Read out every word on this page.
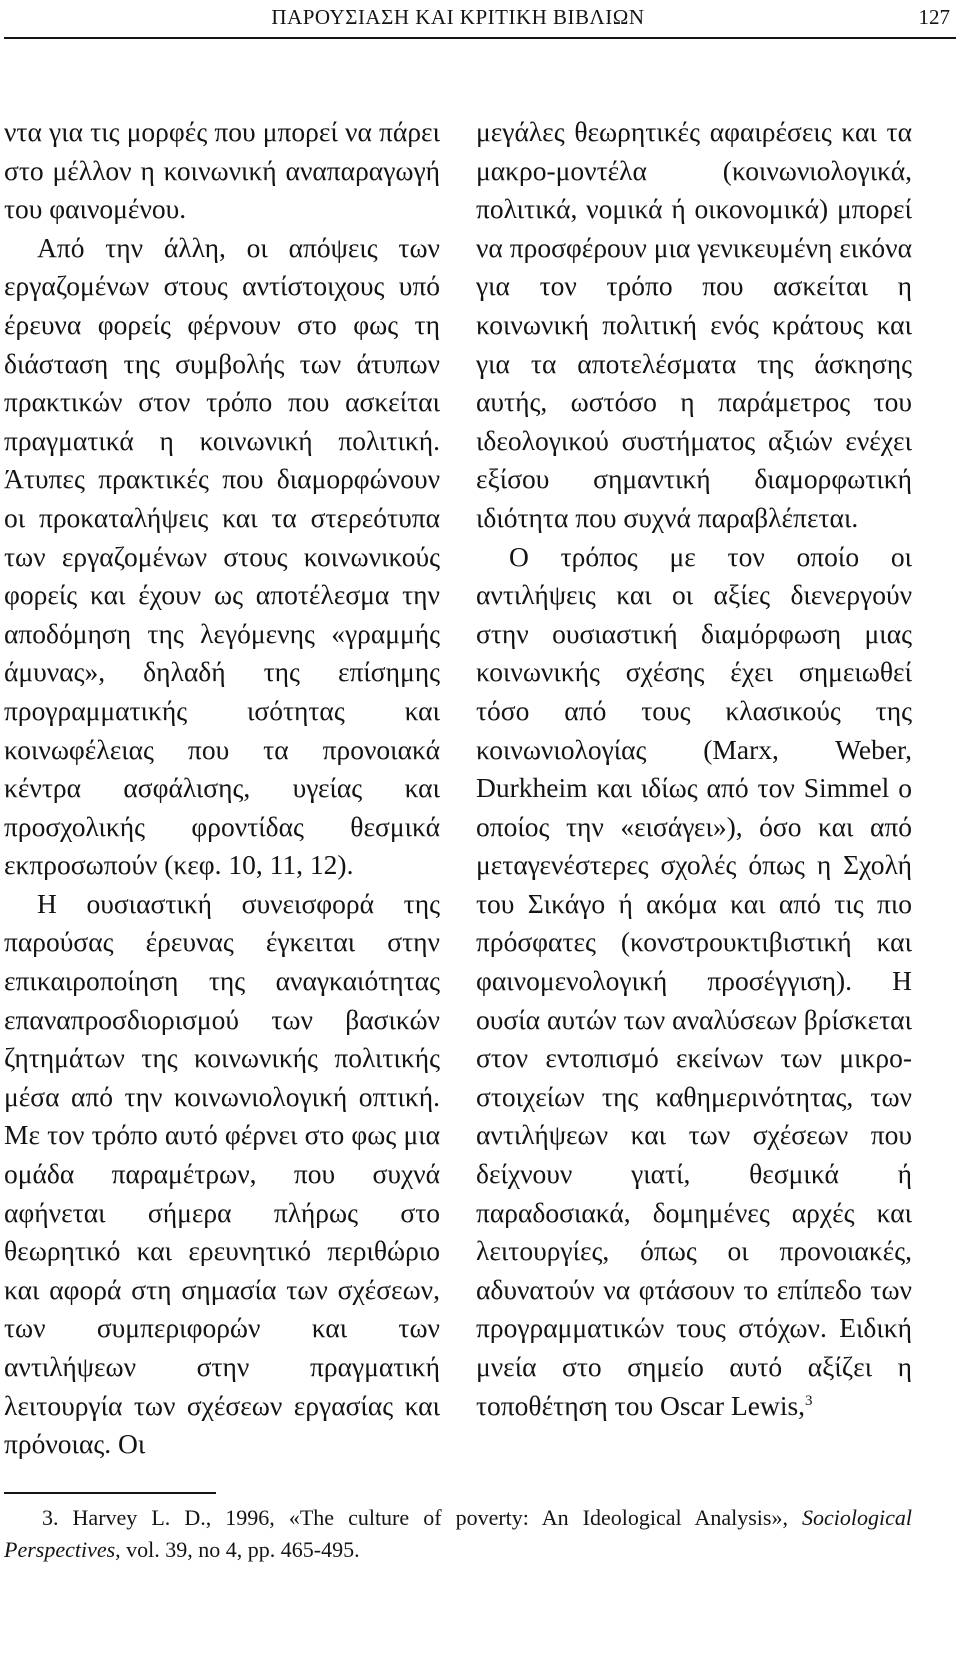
ΠΑΡΟΥΣΙΑΣΗ ΚΑΙ ΚΡΙΤΙΚΗ ΒΙΒΛΙΩΝ	127

ντα για τις μορφές που μπορεί να πάρει στο μέλλον η κοινωνική αναπαραγωγή του φαινομένου.

Από την άλλη, οι απόψεις των εργαζομένων στους αντίστοιχους υπό έρευνα φορείς φέρνουν στο φως τη διάσταση της συμβολής των άτυπων πρακτικών στον τρόπο που ασκείται πραγματικά η κοινωνική πολιτική. Άτυπες πρακτικές που διαμορφώνουν οι προκαταλήψεις και τα στερεότυπα των εργαζομένων στους κοινωνικούς φορείς και έχουν ως αποτέλεσμα την αποδόμηση της λεγόμενης «γραμμής άμυνας», δηλαδή της επίσημης προγραμματικής ισότητας και κοινωφέλειας που τα προνοιακά κέντρα ασφάλισης, υγείας και προσχολικής φροντίδας θεσμικά εκπροσωπούν (κεφ. 10, 11, 12).

Η ουσιαστική συνεισφορά της παρούσας έρευνας έγκειται στην επικαιροποίηση της αναγκαιότητας επαναπροσδιορισμού των βασικών ζητημάτων της κοινωνικής πολιτικής μέσα από την κοινωνιολογική οπτική. Με τον τρόπο αυτό φέρνει στο φως μια ομάδα παραμέτρων, που συχνά αφήνεται σήμερα πλήρως στο θεωρητικό και ερευνητικό περιθώριο και αφορά στη σημασία των σχέσεων, των συμπεριφορών και των αντιλήψεων στην πραγματική λειτουργία των σχέσεων εργασίας και πρόνοιας. Οι

μεγάλες θεωρητικές αφαιρέσεις και τα μακρο-μοντέλα (κοινωνιολογικά, πολιτικά, νομικά ή οικονομικά) μπορεί να προσφέρουν μια γενικευμένη εικόνα για τον τρόπο που ασκείται η κοινωνική πολιτική ενός κράτους και για τα αποτελέσματα της άσκησης αυτής, ωστόσο η παράμετρος του ιδεολογικού συστήματος αξιών ενέχει εξίσου σημαντική διαμορφωτική ιδιότητα που συχνά παραβλέπεται.

Ο τρόπος με τον οποίο οι αντιλήψεις και οι αξίες διενεργούν στην ουσιαστική διαμόρφωση μιας κοινωνικής σχέσης έχει σημειωθεί τόσο από τους κλασικούς της κοινωνιολογίας (Marx, Weber, Durkheim και ιδίως από τον Simmel ο οποίος την «εισάγει»), όσο και από μεταγενέστερες σχολές όπως η Σχολή του Σικάγο ή ακόμα και από τις πιο πρόσφατες (κονστρουκτιβιστική και φαινομενολογική προσέγγιση). Η ουσία αυτών των αναλύσεων βρίσκεται στον εντοπισμό εκείνων των μικρο-στοιχείων της καθημερινότητας, των αντιλήψεων και των σχέσεων που δείχνουν γιατί, θεσμικά ή παραδοσιακά, δομημένες αρχές και λειτουργίες, όπως οι προνοιακές, αδυνατούν να φτάσουν το επίπεδο των προγραμματικών τους στόχων. Ειδική μνεία στο σημείο αυτό αξίζει η τοποθέτηση του Oscar Lewis,$^3$

3. Harvey L. D., 1996, «The culture of poverty: An Ideological Analysis», Sociological Perspectives, vol. 39, no 4, pp. 465-495.
